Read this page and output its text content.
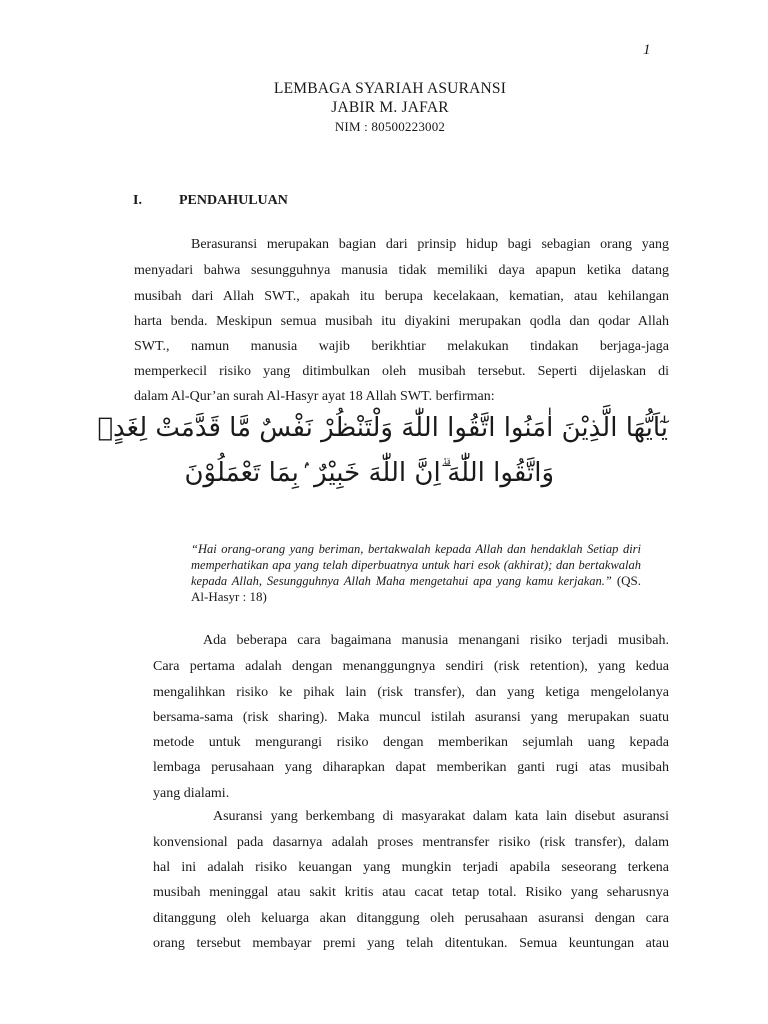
1
LEMBAGA SYARIAH ASURANSI
JABIR M. JAFAR
NIM : 80500223002
I.	PENDAHULUAN
Berasuransi merupakan bagian dari prinsip hidup bagi sebagian orang yang
menyadari bahwa sesungguhnya manusia tidak memiliki daya apapun ketika datang
musibah dari Allah SWT., apakah itu berupa kecelakaan, kematian, atau kehilangan
harta benda. Meskipun semua musibah itu diyakini merupakan qodla dan qodar Allah
SWT., namun manusia wajib berikhtiar melakukan tindakan berjaga-jaga
memperkecil risiko yang ditimbulkan oleh musibah tersebut. Seperti dijelaskan di
dalam Al-Qur’an surah Al-Hasyr ayat 18 Allah SWT. berfirman:
يٰٓاَيُّهَا الَّذِيْنَ اٰمَنُوا اتَّقُوا اللّٰهَ وَلْتَنْظُرْ نَفْسٌ مَّا قَدَّمَتْ لِغَدٍۚ
وَاتَّقُوا اللّٰهَ ۗاِنَّ اللّٰهَ خَبِيْرٌ ۢبِمَا تَعْمَلُوْنَ
“Hai orang-orang yang beriman, bertakwalah kepada Allah dan hendaklah Setiap diri memperhatikan apa yang telah diperbuatnya untuk hari esok (akhirat); dan bertakwalah kepada Allah, Sesungguhnya Allah Maha mengetahui apa yang kamu kerjakan.” (QS. Al-Hasyr : 18)
Ada beberapa cara bagaimana manusia menangani risiko terjadi musibah.
Cara pertama adalah dengan menanggungnya sendiri (risk retention), yang kedua
mengalihkan risiko ke pihak lain (risk transfer), dan yang ketiga mengelolanya
bersama-sama (risk sharing). Maka muncul istilah asuransi yang merupakan suatu
metode untuk mengurangi risiko dengan memberikan sejumlah uang kepada
lembaga perusahaan yang diharapkan dapat memberikan ganti rugi atas musibah
yang dialami.
Asuransi yang berkembang di masyarakat dalam kata lain disebut asuransi
konvensional pada dasarnya adalah proses mentransfer risiko (risk transfer), dalam
hal ini adalah risiko keuangan yang mungkin terjadi apabila seseorang terkena
musibah meninggal atau sakit kritis atau cacat tetap total. Risiko yang seharusnya
ditanggung oleh keluarga akan ditanggung oleh perusahaan asuransi dengan cara
orang tersebut membayar premi yang telah ditentukan. Semua keuntungan atau
